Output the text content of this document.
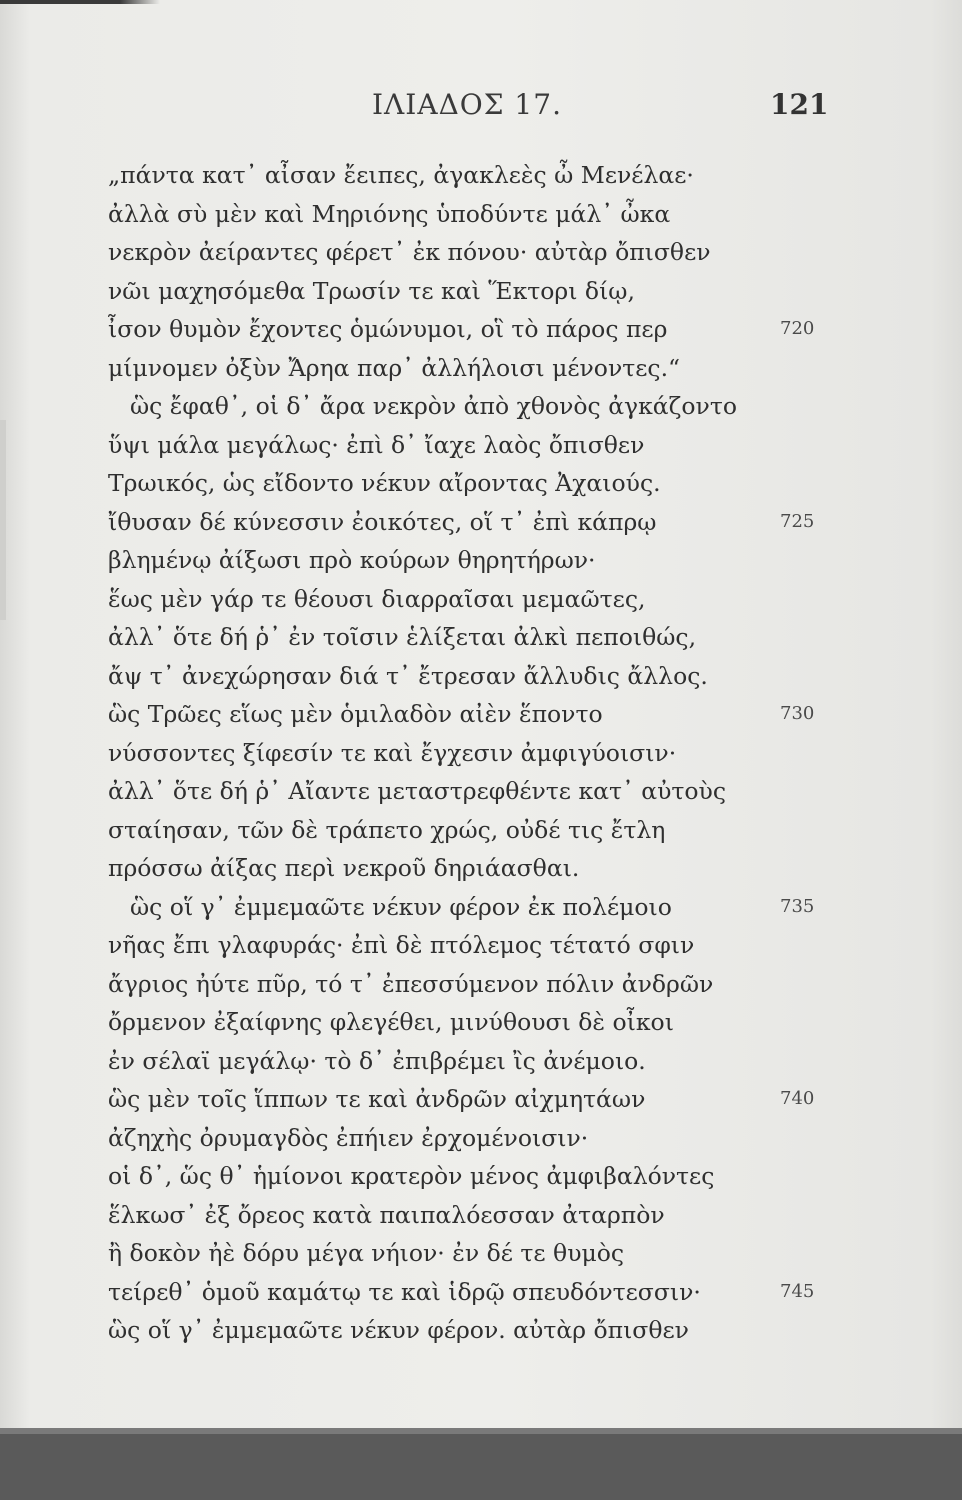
ΙΛΙΑΔΟΣ 17.	121
„πάντα κατ᾽ αἶσαν ἔειπες, ἀγακλεὲς ὦ Μενέλαε·
ἀλλὰ σὺ μὲν καὶ Μηριόνης ὑποδύντε μάλ᾽ ὦκα
νεκρὸν ἀείραντες φέρετ᾽ ἐκ πόνου· αὐτὰρ ὄπισθεν
νῶι μαχησόμεθα Τρωσίν τε καὶ Ἕκτορι δίῳ,
ἶσον θυμὸν ἔχοντες ὁμώνυμοι, οἳ τὸ πάρος περ	720
μίμνομεν ὀξὺν Ἄρηα παρ᾽ ἀλλήλοισι μένοντες.“
ὣς ἔφαθ᾽, οἱ δ᾽ ἄρα νεκρὸν ἀπὸ χθονὸς ἀγκάζοντο
ὕψι μάλα μεγάλως· ἐπὶ δ᾽ ἴαχε λαὸς ὄπισθεν
Τρωικός, ὡς εἴδοντο νέκυν αἴροντας Ἀχαιούς.
ἴθυσαν δέ κύνεσσιν ἐοικότες, οἵ τ᾽ ἐπὶ κάπρῳ	725
βλημένῳ ἀίξωσι πρὸ κούρων θηρητήρων·
ἕως μὲν γάρ τε θέουσι διαρραῖσαι μεμαῶτες,
ἀλλ᾽ ὅτε δή ῥ᾽ ἐν τοῖσιν ἑλίξεται ἀλκὶ πεποιθώς,
ἄψ τ᾽ ἀνεχώρησαν διά τ᾽ ἔτρεσαν ἄλλυδις ἄλλος.
ὣς Τρῶες εἵως μὲν ὁμιλαδὸν αἰὲν ἕποντο	730
νύσσοντες ξίφεσίν τε καὶ ἔγχεσιν ἀμφιγύοισιν·
ἀλλ᾽ ὅτε δή ῥ᾽ Αἴαντε μεταστρεφθέντε κατ᾽ αὐτοὺς
σταίησαν, τῶν δὲ τράπετο χρώς, οὐδέ τις ἔτλη
πρόσσω ἀίξας περὶ νεκροῦ δηριάασθαι.
ὣς οἵ γ᾽ ἐμμεμαῶτε νέκυν φέρον ἐκ πολέμοιο	735
νῆας ἔπι γλαφυράς· ἐπὶ δὲ πτόλεμος τέτατό σφιν
ἄγριος ἠύτε πῦρ, τό τ᾽ ἐπεσσύμενον πόλιν ἀνδρῶν
ὄρμενον ἐξαίφνης φλεγέθει, μινύθουσι δὲ οἶκοι
ἐν σέλαϊ μεγάλῳ· τὸ δ᾽ ἐπιβρέμει ἲς ἀνέμοιο.
ὣς μὲν τοῖς ἵππων τε καὶ ἀνδρῶν αἰχμητάων	740
ἀζηχὴς ὀρυμαγδὸς ἐπήιεν ἐρχομένοισιν·
οἱ δ᾽, ὥς θ᾽ ἡμίονοι κρατερὸν μένος ἀμφιβαλόντες
ἕλκωσ᾽ ἐξ ὄρεος κατὰ παιπαλόεσσαν ἀταρπὸν
ἢ δοκὸν ἠὲ δόρυ μέγα νήιον· ἐν δέ τε θυμὸς
τείρεθ᾽ ὁμοῦ καμάτῳ τε καὶ ἱδρῷ σπευδόντεσσιν·	745
ὣς οἵ γ᾽ ἐμμεμαῶτε νέκυν φέρον. αὐτὰρ ὄπισθεν
